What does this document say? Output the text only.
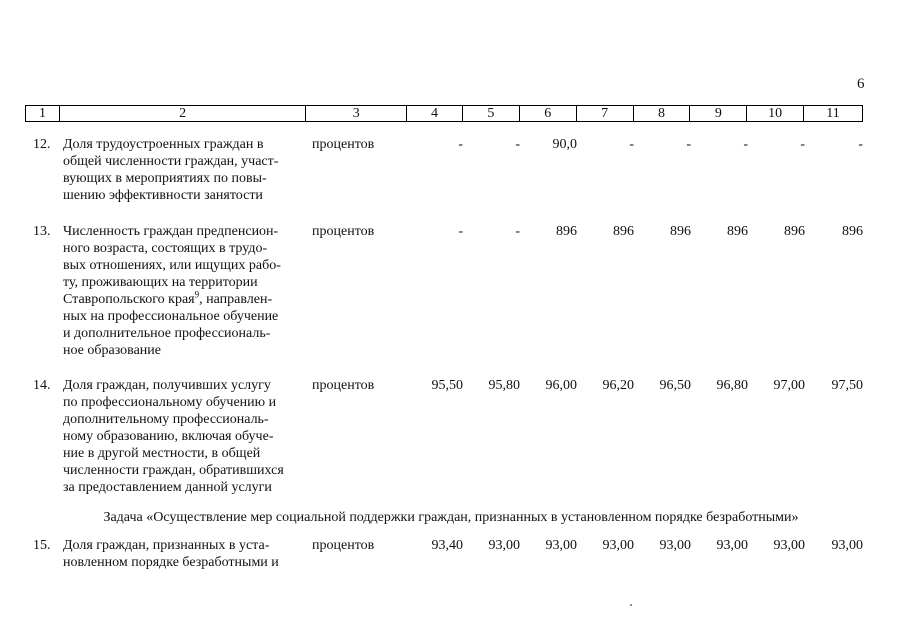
6
1	2	3	4	5	6	7	8	9	10	11
12. Доля трудоустроенных граждан в
общей численности граждан, участ-
вующих в мероприятиях по повы-
шению эффективности занятости
процентов	-	-	90,0	-	-	-	-	-
13. Численность граждан предпенсион-
ного возраста, состоящих в трудо-
вых отношениях, или ищущих рабо-
ту, проживающих на территории
Ставропольского края$^9$, направлен-
ных на профессиональное обучение
и дополнительное профессиональ-
ное образование
процентов	-	-	896	896	896	896	896	896
14. Доля граждан, получивших услугу
по профессиональному обучению и
дополнительному профессиональ-
ному образованию, включая обуче-
ние в другой местности, в общей
численности граждан, обратившихся
за предоставлением данной услуги
процентов	95,50	95,80	96,00	96,20	96,50	96,80	97,00	97,50
Задача «Осуществление мер социальной поддержки граждан, признанных в установленном порядке безработными»
15. Доля граждан, признанных в уста-
новленном порядке безработными и
процентов	93,40	93,00	93,00	93,00	93,00	93,00	93,00	93,00
